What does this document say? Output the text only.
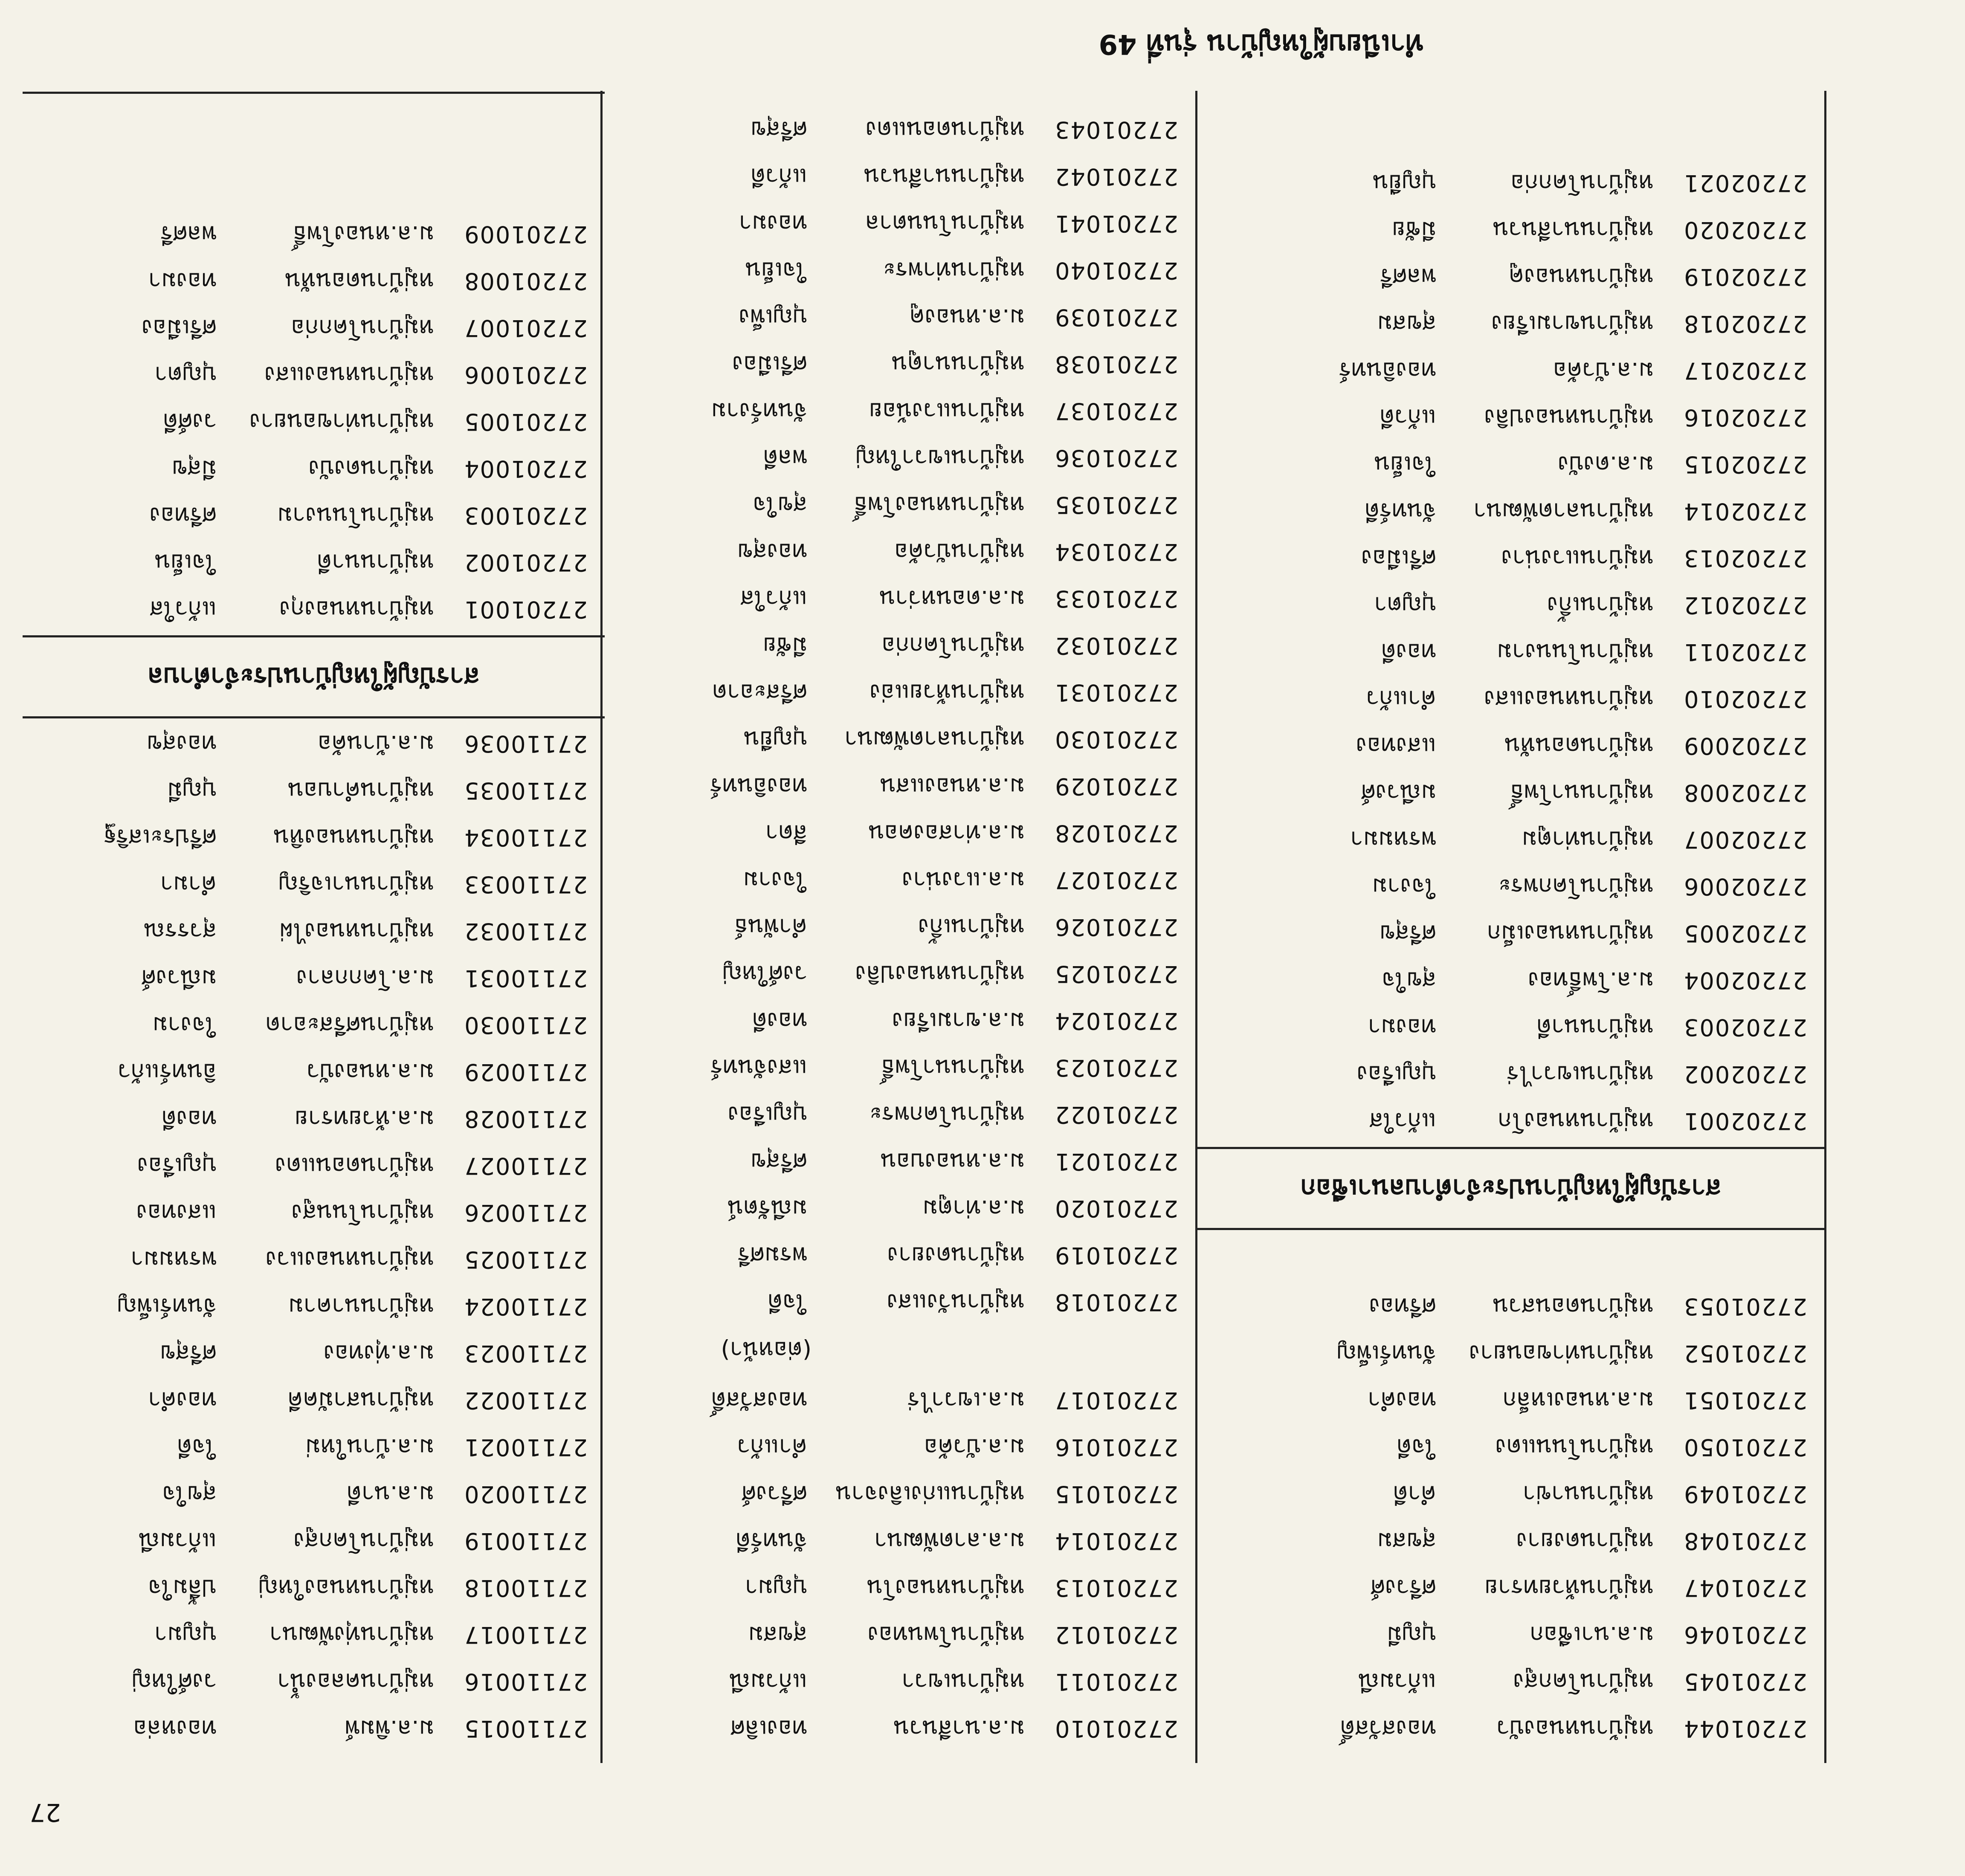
ทำเนียบผู้ใหญ่บ้าน รุ่นที่ 49
27
27110015
ม.ล.พิมพ์
ทองหล่อ
27110016
หมู่บ้านคลองน้ำ
วงศ์ใหญ่
27110017
หมู่บ้านทุ่งพัฒนา
บุญมา
27110018
หมู่บ้านหนองใหญ่
ปลื้มใจ
27110019
หมู่บ้านโคกสูง
แก้วมณี
27110020
ม.ล.นาดี
สุขใจ
27110021
ม.ล.บ้านใหม่
ใจดี
27110022
หมู่บ้านสามัคคี
ทองคำ
27110023
ม.ล.ทุ่งทอง
ศรีสุข
27110024
หมู่บ้านนาคาม
จันทร์เพ็ญ
27110025
หมู่บ้านหนองแวง
พรหมมา
27110026
หมู่บ้านโนนสูง
แสงทอง
27110027
หมู่บ้านดอนแดง
บุญเรือง
27110028
ม.ล.ห้วยทราย
ทองดี
27110029
ม.ล.หนองบัว
อินทร์แก้ว
27110030
หมู่บ้านศรีสะอาด
ใจงาม
27110031
ม.ล.โคกกลาง
มณีวงศ์
27110032
หมู่บ้านหนองไผ่
สุวรรณ
27110033
หมู่บ้านนาเจริญ
คำมา
27110034
หมู่บ้านหนองหิน
ศรีประเสริฐ
27110035
หมู่บ้านคำบอน
บุญมี
27110036
ม.ล.บ้านค้อ
ทองสุข
สารบัญผู้ใหญ่บ้านประจำตำบล
27201001
หมู่บ้านหนองกุง
แก้วใส
27201002
หมู่บ้านนาดี
ใจเย็น
27201003
หมู่บ้านโนนงาม
ศรีทอง
27201004
หมู่บ้านดงบัง
มีสุข
27201005
หมู่บ้านท่าขอนยาง
วงศ์ดี
27201006
หมู่บ้านหนองแสง
บุญตา
27201007
หมู่บ้านโคกก่อ
ศรีเมือง
27201008
หมู่บ้านดอนหัน
ทองมา
27201009
ม.ล.หนองโพธิ์
พลศรี
27201010
ม.ล.นาสีนวน
ทองเลิศ
27201011
หมู่บ้านเขวา
แก้วมณี
27201012
หมู่บ้านโพนทอง
สุขสม
27201013
หมู่บ้านหนองโน
บุญมา
27201014
ม.ล.ลาดพัฒนา
จันทร์ดี
27201015
หมู่บ้านแก่งเลิงจาน
ศรีวงศ์
27201016
ม.ล.บัวค้อ
คำแก้ว
27201017
ม.ล.เขวาไร่
ทองสวัสดิ์
(ต่อหน้า)
27201018
หมู่บ้านวังแสง
ใจดี
27201019
หมู่บ้านดงยาง
พรมศรี
27201020
ม.ล.ท่าตูม
มณีรัตน์
27201021
ม.ล.หนองบอน
ศรีสุข
27201022
หมู่บ้านโคกพระ
บุญเรือง
27201023
หมู่บ้านนาโพธิ์
แสงจันทร์
27201024
ม.ล.ขามเรียง
ทองดี
27201025
หมู่บ้านหนองปลิง
วงศ์ใหญ่
27201026
หมู่บ้านเกิ้ง
คำพันธ์
27201027
ม.ล.แวงน่าง
ใจงาม
27201028
ม.ล.ท่าสองคอน
สีดา
27201029
ม.ล.หนองแสน
ทองอินทร์
27201030
หมู่บ้านลาดพัฒนา
บุญยืน
27201031
หมู่บ้านห้วยแอ่ง
ศรีสะอาด
27201032
หมู่บ้านโคกก่อ
มีชัย
27201033
ม.ล.ดอนหว่าน
แก้วใส
27201034
หมู่บ้านบัวค้อ
ทองสุข
27201035
หมู่บ้านหนองโพธิ์
สุขใจ
27201036
หมู่บ้านเขวาใหญ่
พลดี
27201037
หมู่บ้านแวงน้อย
จันทร์งาม
27201038
หมู่บ้านนาดูน
ศรีเมือง
27201039
ม.ล.หนองคู
บุญเพ็ง
27201040
หมู่บ้านท่าพระ
ใจเย็น
27201041
หมู่บ้านโนนตาล
ทองมา
27201042
หมู่บ้านนาสีนวน
แก้วดี
27201043
หมู่บ้านดอนแดง
ศรีสุข
27201044
หมู่บ้านหนองบัว
ทองสวัสดิ์
27201045
หมู่บ้านโคกสูง
แก้วมณี
27201046
ม.ล.นาเชือก
บุญมี
27201047
หมู่บ้านห้วยทราย
ศรีวงศ์
27201048
หมู่บ้านดงยาง
สุขสม
27201049
หมู่บ้านนาข่า
คำดี
27201050
หมู่บ้านโนนแดง
ใจดี
27201051
ม.ล.หนองเหล็ก
ทองคำ
27201052
หมู่บ้านท่าขอนยาง
จันทร์เพ็ญ
27201053
หมู่บ้านดอนสวน
ศรีทอง
สารบัญผู้ใหญ่บ้านประจำตำบลนาเชือก
27202001
หมู่บ้านหนองโก
แก้วใส
27202002
หมู่บ้านเขวาไร่
บุญเรือง
27202003
หมู่บ้านนาดี
ทองมา
27202004
ม.ล.โพธิ์ทอง
สุขใจ
27202005
หมู่บ้านหนองเม็ก
ศรีสุข
27202006
หมู่บ้านโคกพระ
ใจงาม
27202007
หมู่บ้านท่าตูม
พรหมมา
27202008
หมู่บ้านนาโพธิ์
มณีวงศ์
27202009
หมู่บ้านดอนหัน
แสงทอง
27202010
หมู่บ้านหนองแสง
คำแก้ว
27202011
หมู่บ้านโนนงาม
ทองดี
27202012
หมู่บ้านเกิ้ง
บุญตา
27202013
หมู่บ้านแวงน่าง
ศรีเมือง
27202014
หมู่บ้านลาดพัฒนา
จันทร์ดี
27202015
ม.ล.ดงบัง
ใจเย็น
27202016
หมู่บ้านหนองปลิง
แก้วดี
27202017
ม.ล.บัวค้อ
ทองอินทร์
27202018
หมู่บ้านขามเรียง
สุขสม
27202019
หมู่บ้านหนองคู
พลศรี
27202020
หมู่บ้านนาสีนวน
มีชัย
27202021
หมู่บ้านโคกก่อ
บุญยืน
